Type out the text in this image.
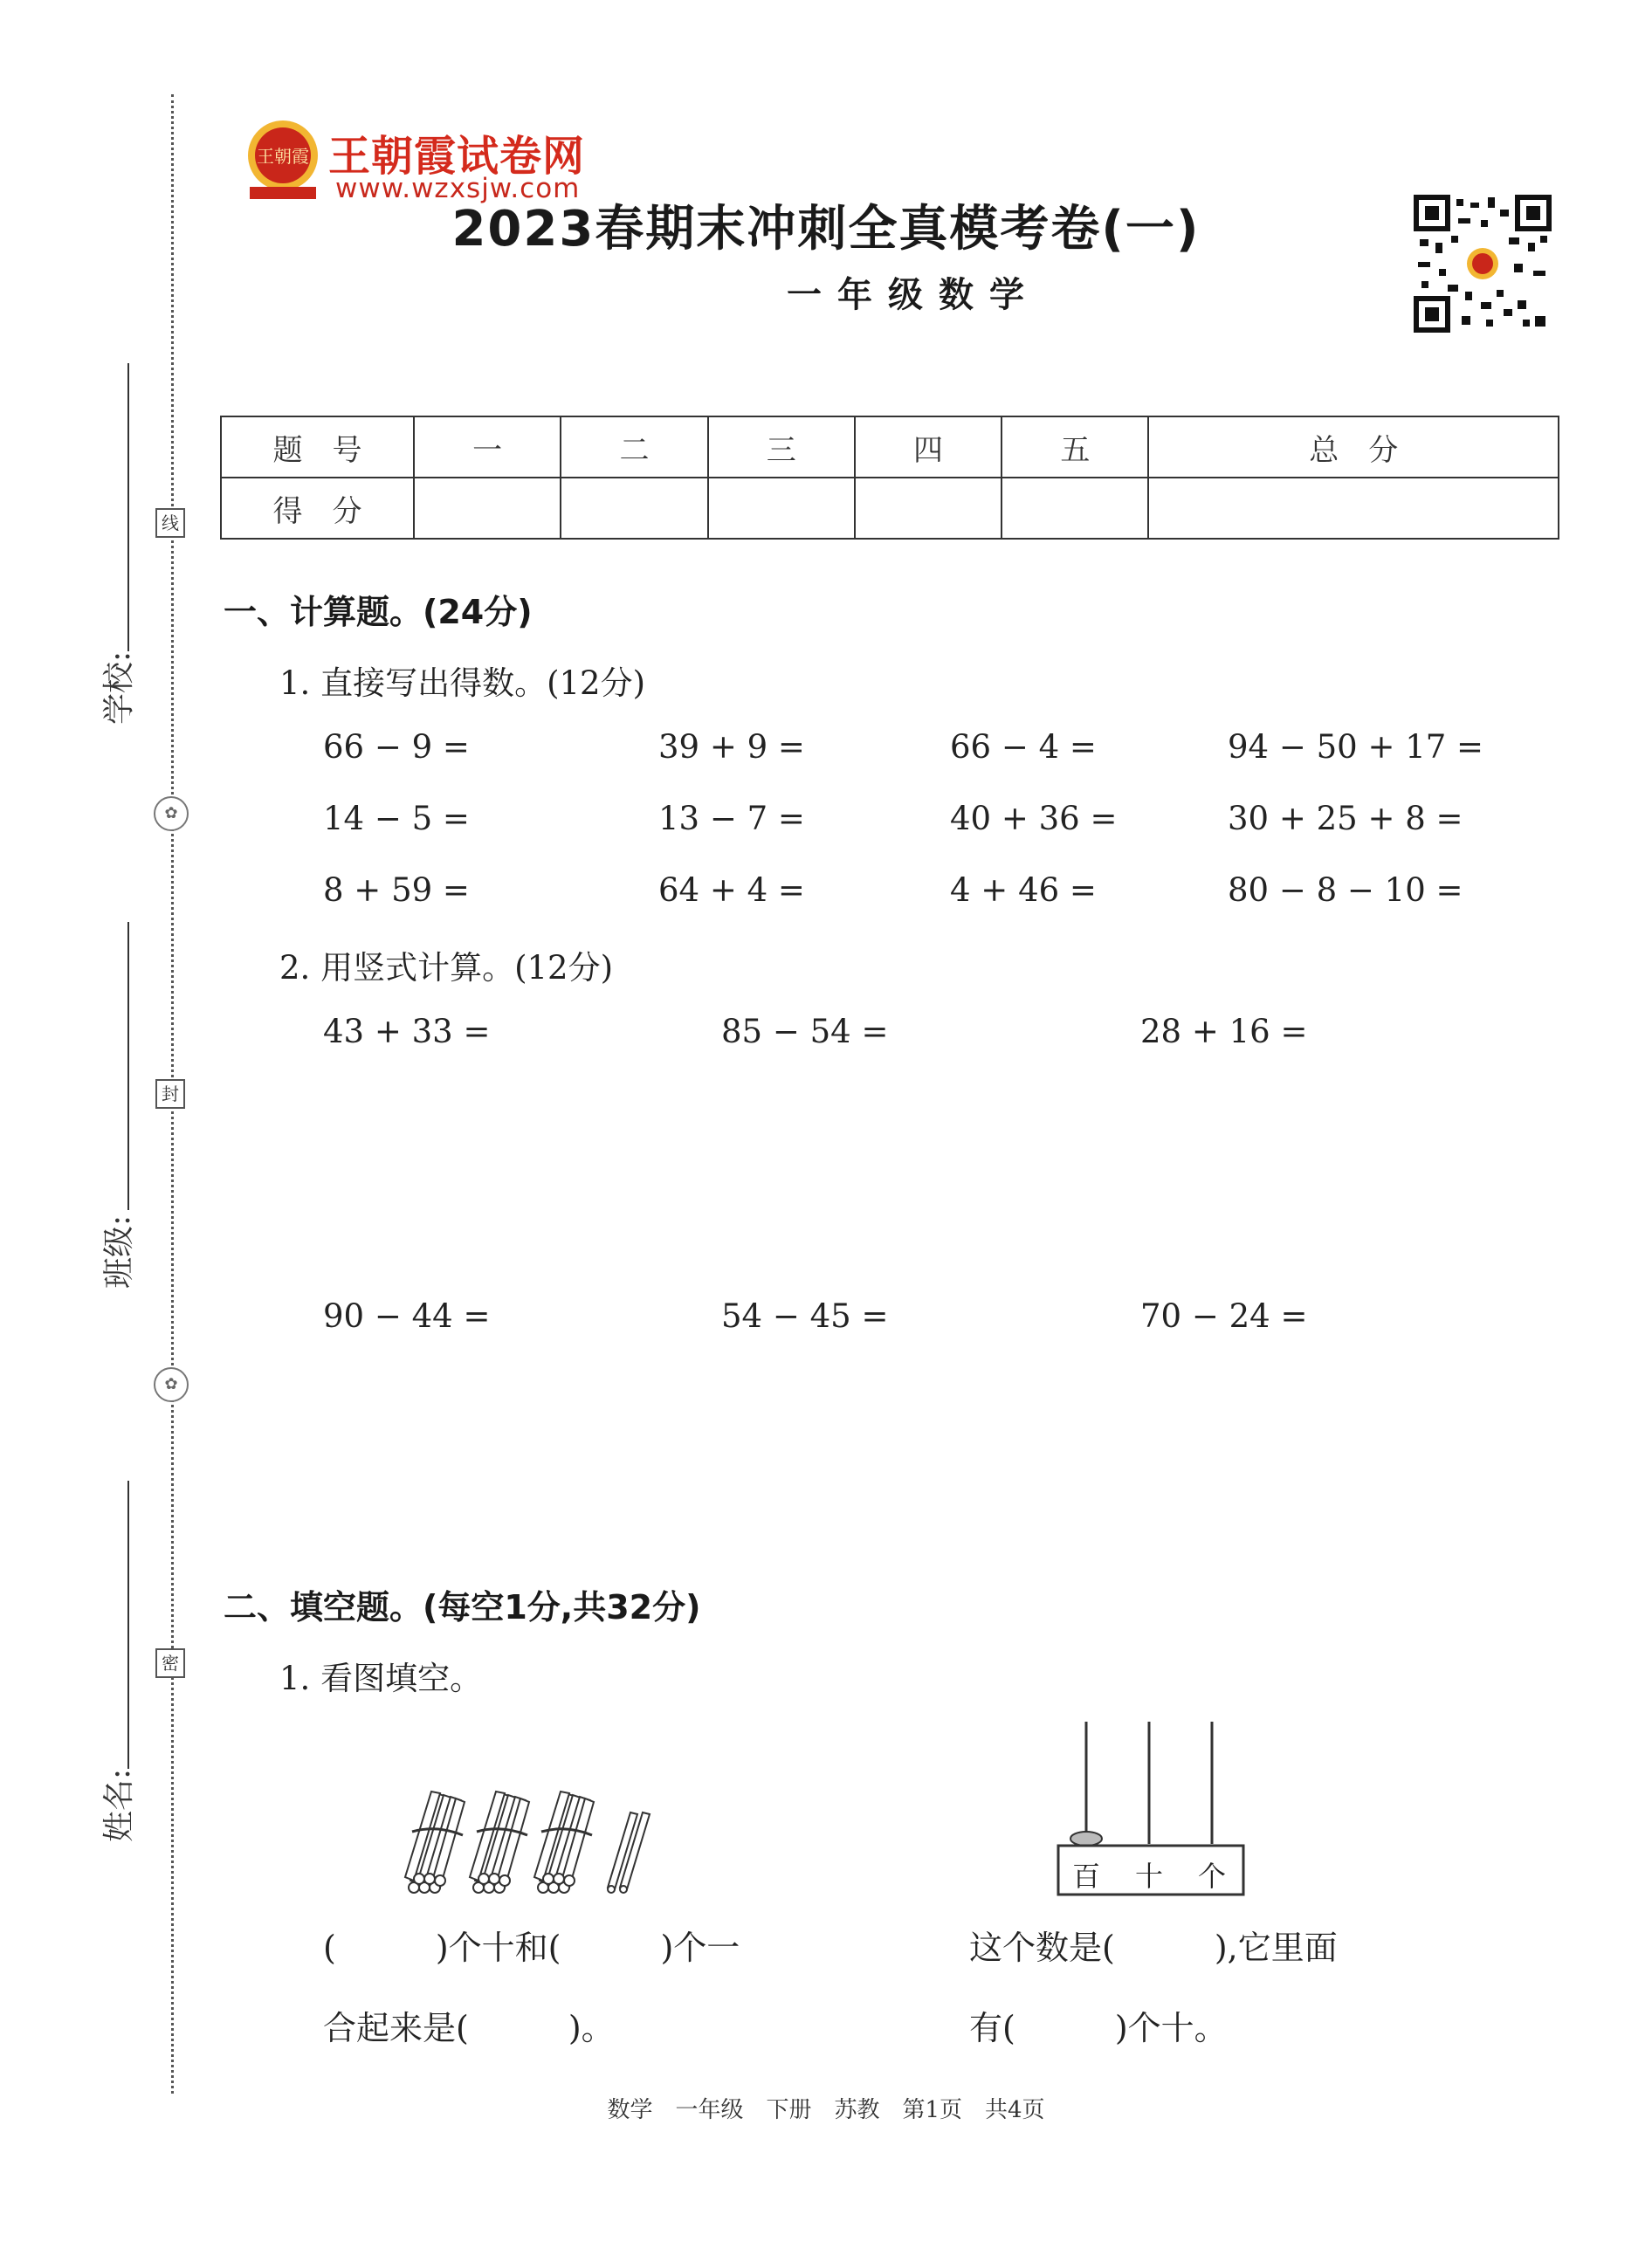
线
封
密
✿
✿
学校:
班级:
姓名:
王朝霞 王朝霞试卷网
www.wzxsjw.com
2023春期末冲刺全真模考卷(一)
一年级数学
题　号	一	二	三	四	五	总　分
得　分						
一、计算题。(24分)
1. 直接写出得数。(12分)
66 − 9 =	39 + 9 =	66 − 4 =	94 − 50 + 17 =
14 − 5 =	13 − 7 =	40 + 36 =	30 + 25 + 8 =
8 + 59 =	64 + 4 =	4 + 46 =	80 − 8 − 10 =
2. 用竖式计算。(12分)
43 + 33 =	85 − 54 =	28 + 16 =
90 − 44 =	54 − 45 =	70 − 24 =
二、填空题。(每空1分,共32分)
1. 看图填空。
百 十 个
(　　　)个十和(　　　)个一
合起来是(　　　)。
这个数是(　　　),它里面
有(　　　)个十。
数学　一年级　下册　苏教　第1页　共4页
